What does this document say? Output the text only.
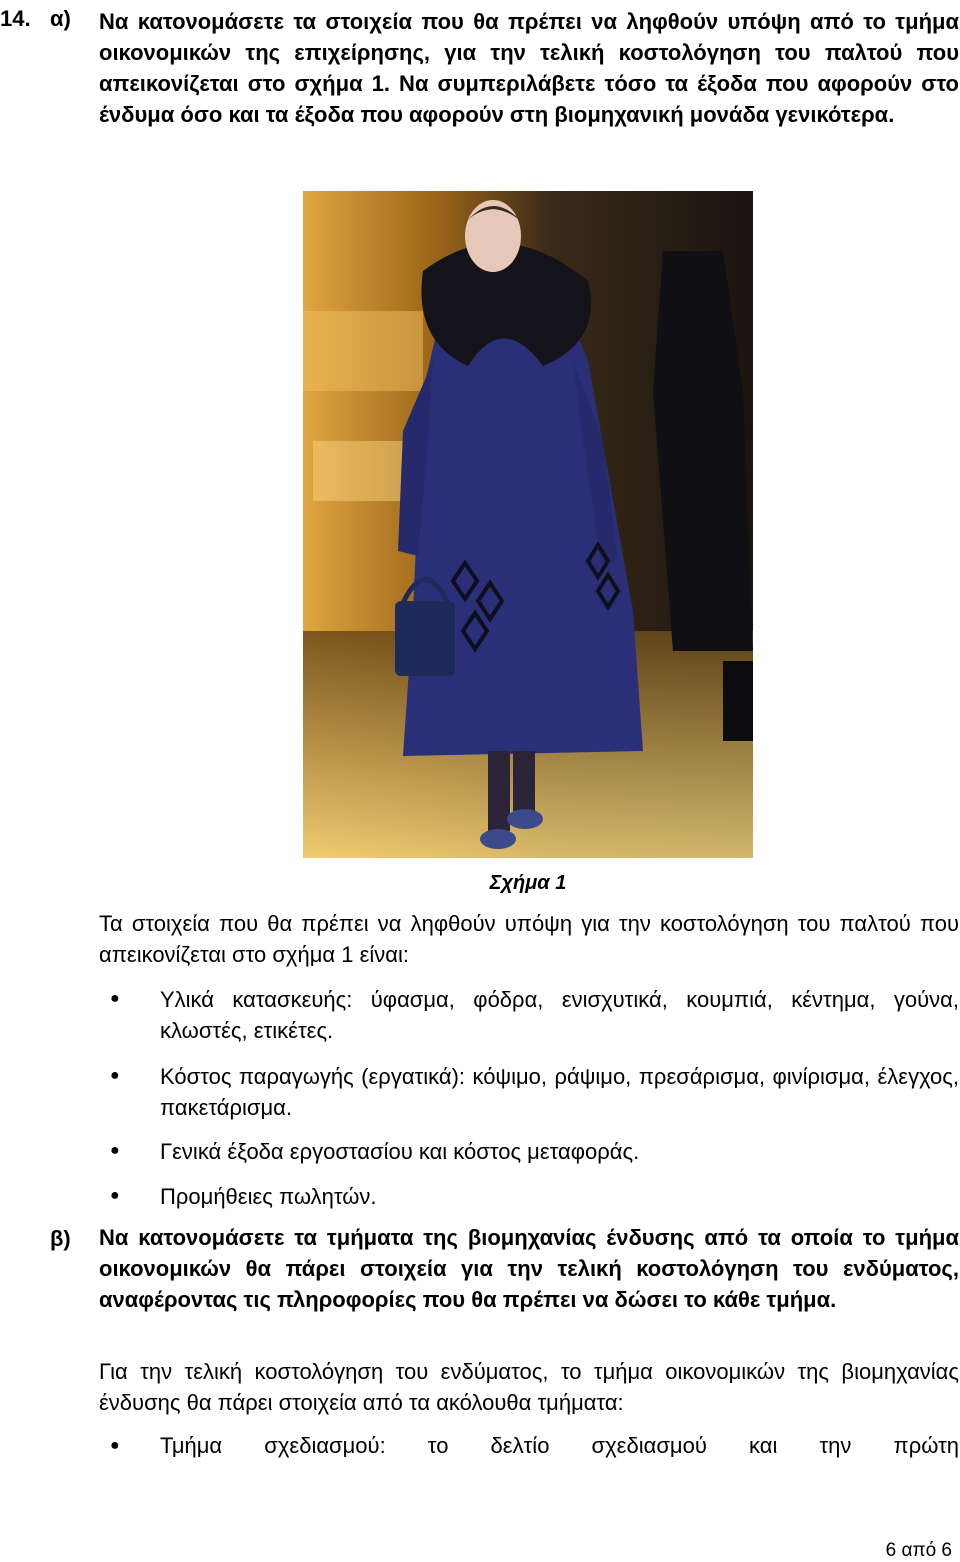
14. α) Να κατονομάσετε τα στοιχεία που θα πρέπει να ληφθούν υπόψη από το τμήμα οικονομικών της επιχείρησης, για την τελική κοστολόγηση του παλτού που απεικονίζεται στο σχήμα 1. Να συμπεριλάβετε τόσο τα έξοδα που αφορούν στο ένδυμα όσο και τα έξοδα που αφορούν στη βιομηχανική μονάδα γενικότερα.
Σχήμα 1
Τα στοιχεία που θα πρέπει να ληφθούν υπόψη για την κοστολόγηση του παλτού που απεικονίζεται στο σχήμα 1 είναι:
● Υλικά κατασκευής: ύφασμα, φόδρα, ενισχυτικά, κουμπιά, κέντημα, γούνα, κλωστές, ετικέτες.
● Κόστος παραγωγής (εργατικά): κόψιμο, ράψιμο, πρεσάρισμα, φινίρισμα, έλεγχος, πακετάρισμα.
● Γενικά έξοδα εργοστασίου και κόστος μεταφοράς.
● Προμήθειες πωλητών.
β) Να κατονομάσετε τα τμήματα της βιομηχανίας ένδυσης από τα οποία το τμήμα οικονομικών θα πάρει στοιχεία για την τελική κοστολόγηση του ενδύματος, αναφέροντας τις πληροφορίες που θα πρέπει να δώσει το κάθε τμήμα.
Για την τελική κοστολόγηση του ενδύματος, το τμήμα οικονομικών της βιομηχανίας ένδυσης θα πάρει στοιχεία από τα ακόλουθα τμήματα:
● Τμήμα σχεδιασμού: το δελτίο σχεδιασμού και την πρώτη
6 από 6
